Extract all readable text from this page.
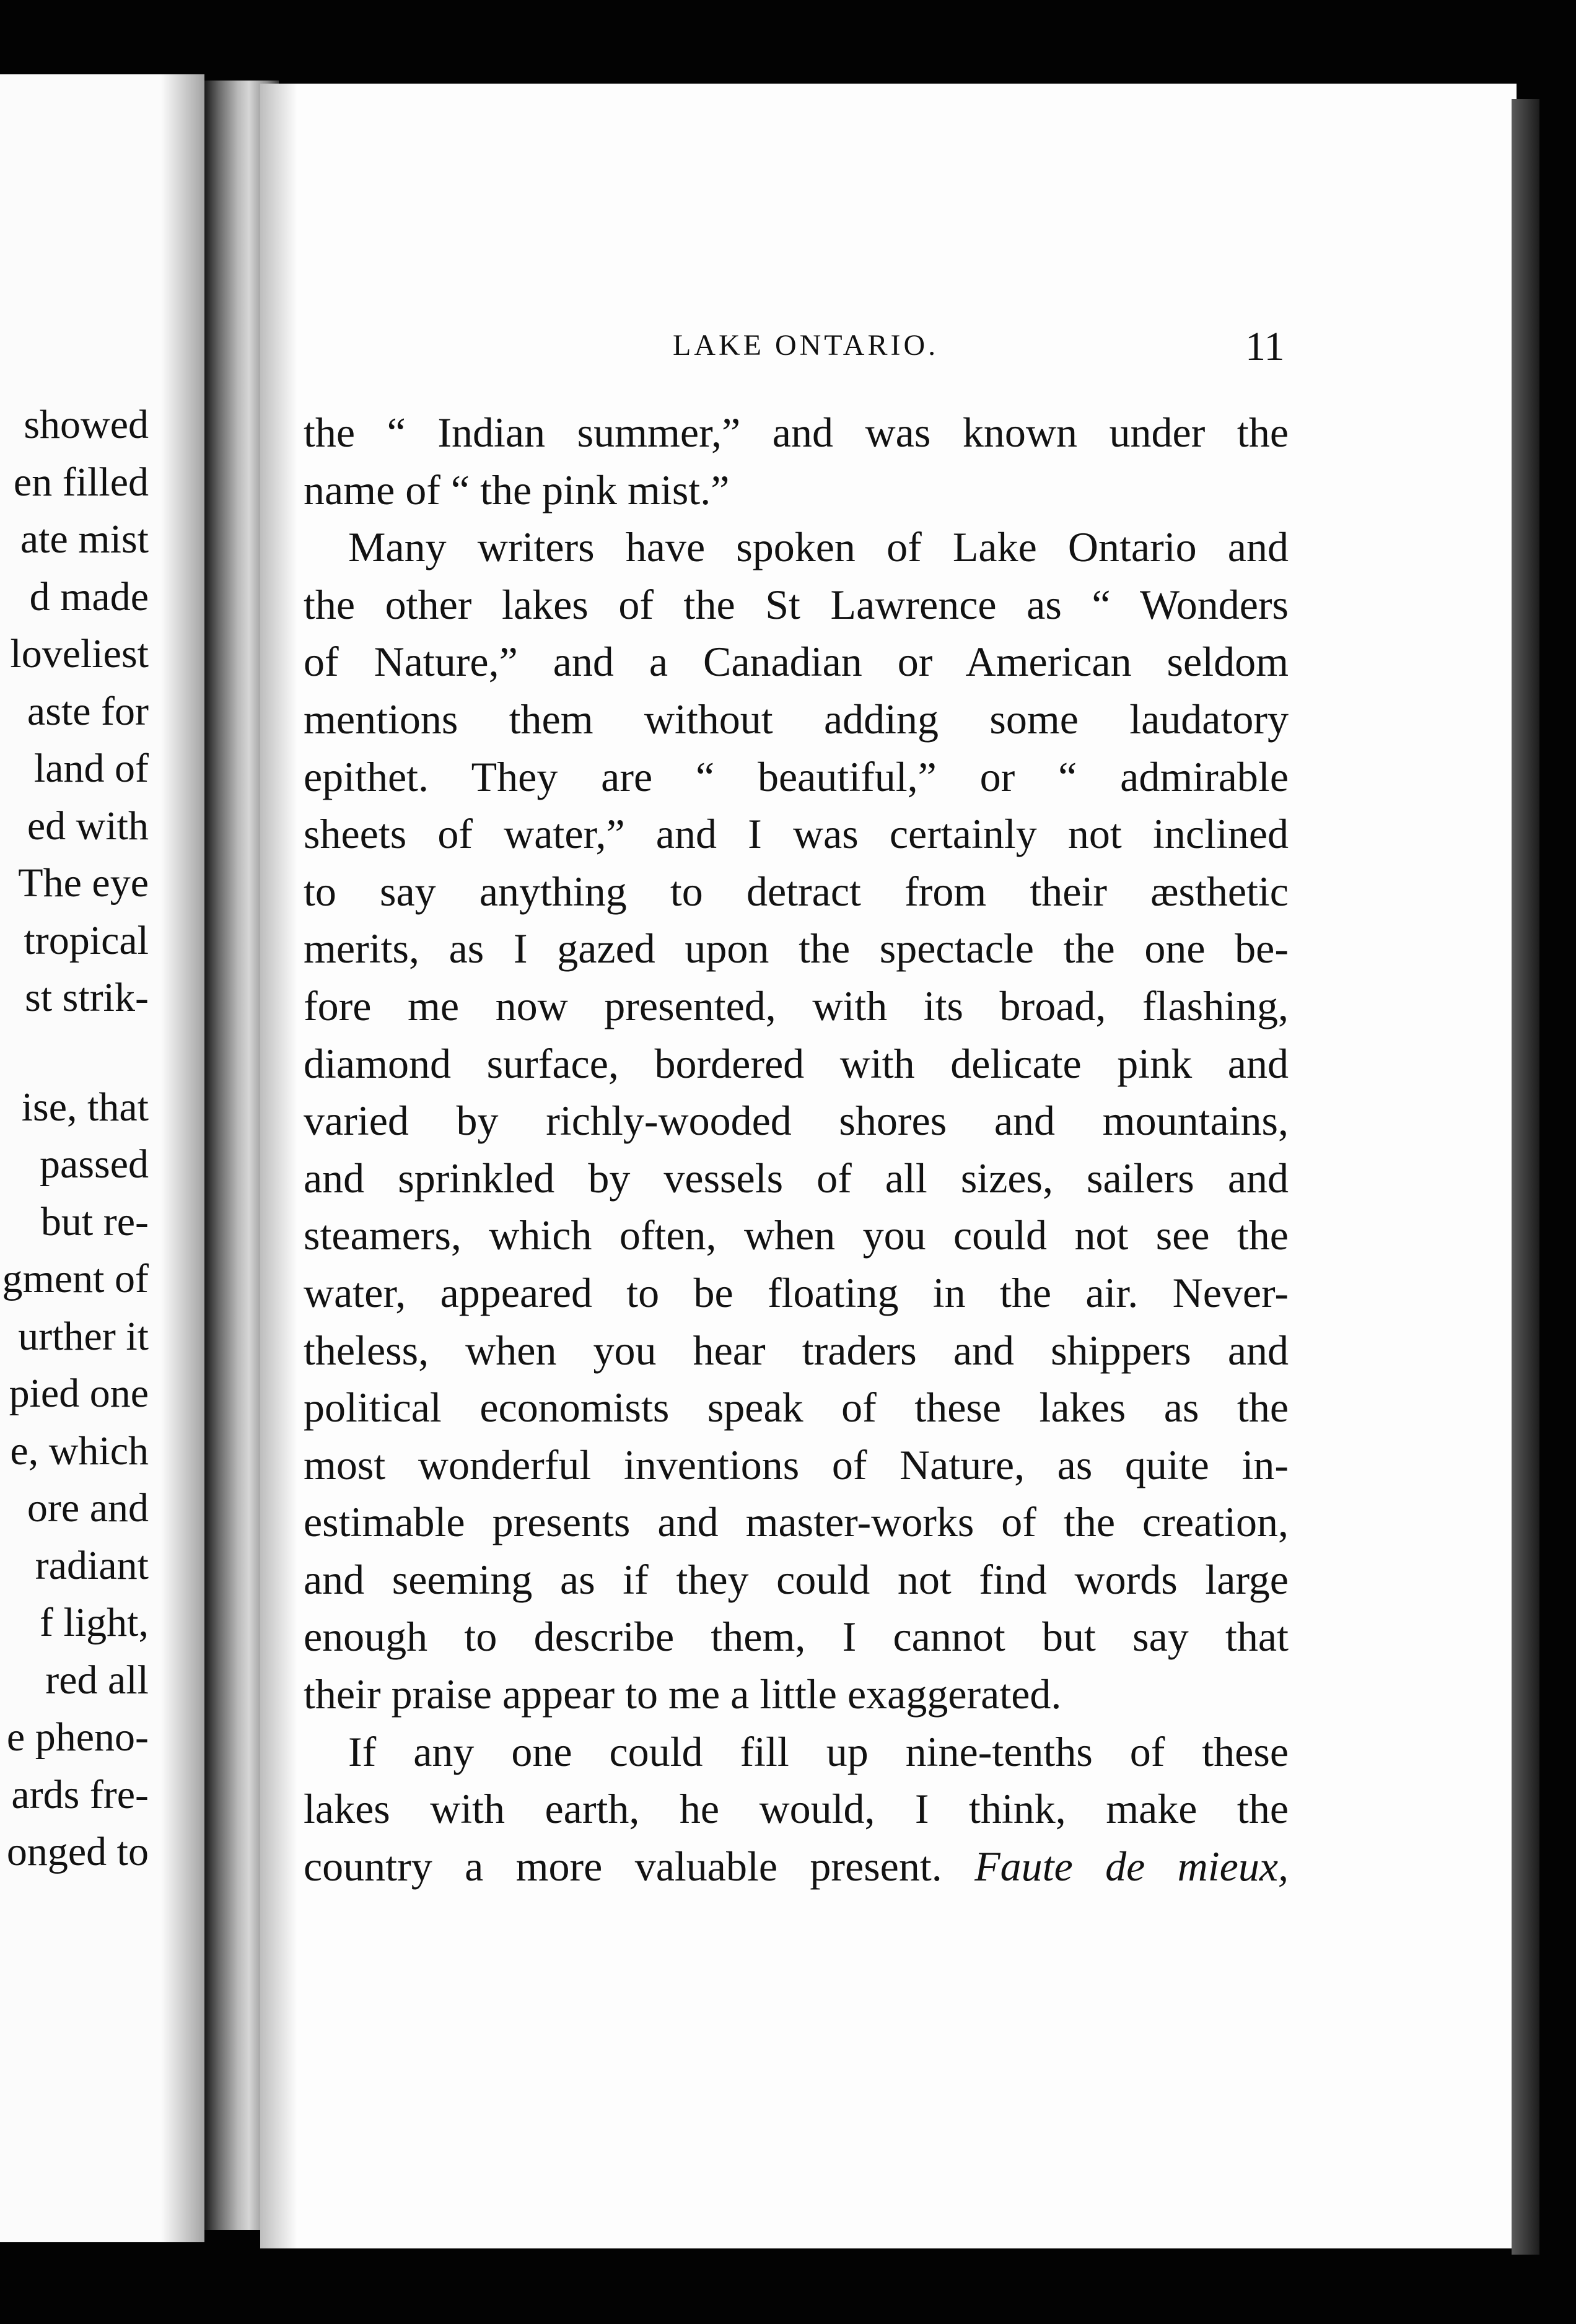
showed
en filled
ate mist
d made
loveliest
aste for
land of
ed with
The eye
tropical
st strik-
ise, that
passed
but re-
gment of
urther it
pied one
e, which
ore and
radiant
f light,
red all
e pheno-
ards fre-
onged to
LAKE ONTARIO.	11
the “ Indian summer,” and was known under the
name of “ the pink mist.”
Many writers have spoken of Lake Ontario and
the other lakes of the St Lawrence as “ Wonders
of Nature,” and a Canadian or American seldom
mentions them without adding some laudatory
epithet. They are “ beautiful,” or “ admirable
sheets of water,” and I was certainly not inclined
to say anything to detract from their æsthetic
merits, as I gazed upon the spectacle the one be-
fore me now presented, with its broad, flashing,
diamond surface, bordered with delicate pink and
varied by richly-wooded shores and mountains,
and sprinkled by vessels of all sizes, sailers and
steamers, which often, when you could not see the
water, appeared to be floating in the air. Never-
theless, when you hear traders and shippers and
political economists speak of these lakes as the
most wonderful inventions of Nature, as quite in-
estimable presents and master-works of the creation,
and seeming as if they could not find words large
enough to describe them, I cannot but say that
their praise appear to me a little exaggerated.
If any one could fill up nine-tenths of these
lakes with earth, he would, I think, make the
country a more valuable present. Faute de mieux,
